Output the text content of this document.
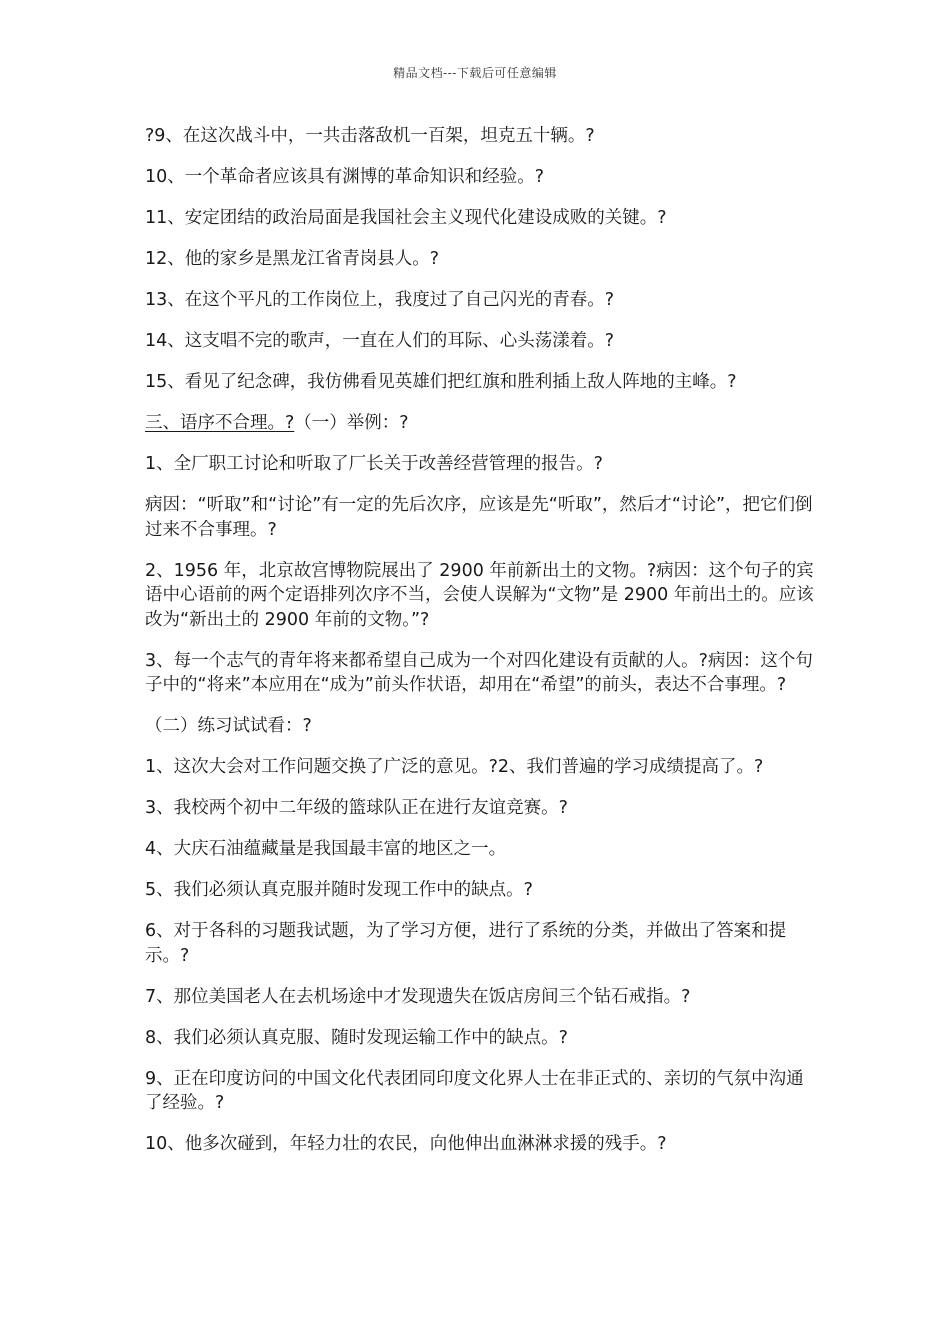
精品文档---下载后可任意编辑

?9、在这次战斗中，一共击落敌机一百架，坦克五十辆。?

10、一个革命者应该具有渊博的革命知识和经验。?

11、安定团结的政治局面是我国社会主义现代化建设成败的关键。?

12、他的家乡是黑龙江省青岗县人。?

13、在这个平凡的工作岗位上，我度过了自己闪光的青春。?

14、这支唱不完的歌声，一直在人们的耳际、心头荡漾着。?

15、看见了纪念碑，我仿佛看见英雄们把红旗和胜利插上敌人阵地的主峰。?

三、语序不合理。?（一）举例：?

1、全厂职工讨论和听取了厂长关于改善经营管理的报告。?

病因：“听取”和“讨论”有一定的先后次序，应该是先“听取”，然后才“讨论”，把它们倒过来不合事理。?

2、1956 年，北京故宫博物院展出了 2900 年前新出土的文物。?病因：这个句子的宾语中心语前的两个定语排列次序不当，会使人误解为“文物”是 2900 年前出土的。应该改为“新出土的 2900 年前的文物。”?

3、每一个志气的青年将来都希望自己成为一个对四化建设有贡献的人。?病因：这个句子中的“将来”本应用在“成为”前头作状语，却用在“希望”的前头，表达不合事理。?

（二）练习试试看：?

1、这次大会对工作问题交换了广泛的意见。?2、我们普遍的学习成绩提高了。?

3、我校两个初中二年级的篮球队正在进行友谊竞赛。?

4、大庆石油蕴藏量是我国最丰富的地区之一。

5、我们必须认真克服并随时发现工作中的缺点。?

6、对于各科的习题我试题，为了学习方便，进行了系统的分类，并做出了答案和提示。?

7、那位美国老人在去机场途中才发现遗失在饭店房间三个钻石戒指。?

8、我们必须认真克服、随时发现运输工作中的缺点。?

9、正在印度访问的中国文化代表团同印度文化界人士在非正式的、亲切的气氛中沟通了经验。?

10、他多次碰到，年轻力壮的农民，向他伸出血淋淋求援的残手。?
